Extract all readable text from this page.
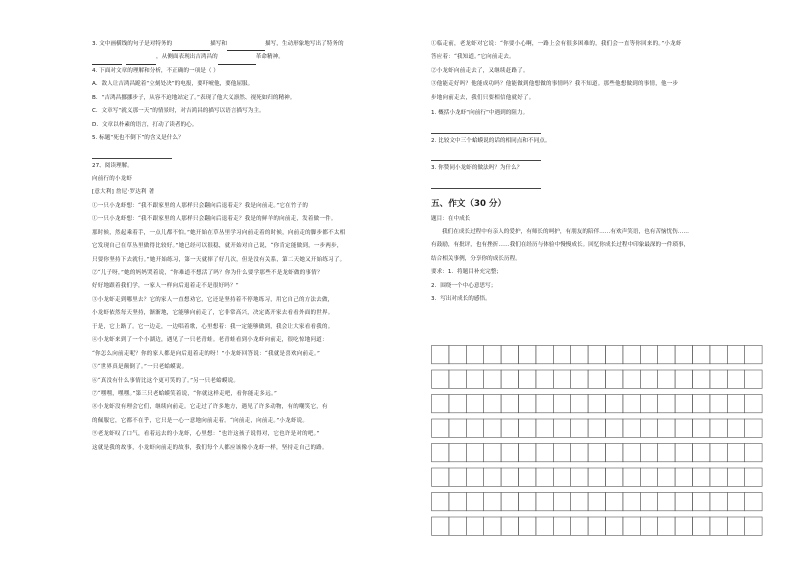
3. 文中画横线的句子是对特务的	描写和	描写，生动形象地写出了特务的
，从侧面表现出吉鸿昌的	革命精神。
4. 下面对文章的理解和分析，不正确的一项是（ ）
A．敌人让吉鸿昌跪着“立刻处决”的电报，要吓唬他，要他屈服。
B．“吉鸿昌挪挪步子，从容不迫地站定了。”表现了他大义凛然、视死如归的精神。
C．文章写“就义那一天”的情景时，对吉鸿昌的描写以语言描写为主。
D．文章以朴素的语言，打动了读者的心。
5. 标题“死也不倒下”的含义是什么？
27、阅读理解。
向前行的小龙虾
[意大利] 詹尼·罗达利 著
①一只小龙虾想：“我不跟家里的人那样只会翻向后退着走？我是向前走。”它在竹子的
①一只小龙虾想：“我不跟家里的人那样只会翻向后退着走？我是的鲜羊的向前走，发着做一件。
那时候，然起乘着手，一点儿都不怕。”她开始在草丛里学习向前走着的时候，向前走的脚步都不太相
它发现自己在草丛里做得比较好。”她已经可以很稳，就开始对自己说，“你肯定能做到，一步两步，
只要你坚持下去就行。”她开始练习，第一天就摔了好几次，但是没有关系，第二天她又开始练习了。
②“儿子呀，”她的妈妈哭着说，“你难道不想活了吗？你为什么要学那些不是龙虾做的事情？
好好地跟着我们学，一家人一样向后退着走不是很好吗？”
③小龙虾走到哪里去？它的家人一直想劝它，它还是坚持着不停地练习，用它自己的方法去做，
小龙虾依然每天坚持，渐渐地，它能够向前走了，它非常高兴，决定离开家去看看外面的世界。
于是，它上路了。它一边走，一边唱着歌，心里想着：我一定能够做到，我会让大家看看我的。
④小龙虾来到了一个小湖边，遇见了一只老青蛙。老青蛙看到小龙虾向前走，很吃惊地问道：
“你怎么向前走呢？你的家人都是向后退着走的呀！”小龙虾回答说：“我就是喜欢向前走。”
⑤“世界真是颠倒了。”一只老蛤蟆说。
⑥“真没有什么事情比这个更可笑的了。”另一只老蛤蟆说。
⑦“嘿嘿，嘿嘿。”第三只老蛤蟆笑着说，“你就这样走吧，看你能走多远。”
⑧小龙虾没有理会它们，继续向前走。它走过了许多地方，遇见了许多动物，有的嘲笑它，有
的佩服它，它都不在乎，它只是一心一意地向前走着。“向前走，向前走。”小龙虾说。
⑨老龙虾叹了口气，看着远去的小龙虾，心里想：“也许这孩子说得对，它也许是对的吧。”
这就是我的故事，小龙虾向前走的故事，我们每个人都应该像小龙虾一样，坚持走自己的路。
①临走前，老龙虾对它说：“你要小心啊，一路上会有很多困难的，我们会一直等你回来的。”小龙虾
答应着：“我知道。”它向前走去。
②小龙虾向前走去了，又继续赶路了。
③他能走好吗？他能成功吗？他能做到他想做的事情吗？我不知道。那些他想做到的事情，他一步
步地向前走去，我们只要相信他就好了。
1. 概括小龙虾“向前行”中遇到的阻力。
2. 比较文中三个蛤蟆说的话的相同点和不同点。
3. 你赞同小龙虾的做法吗？为什么？
五、作文（30 分）
题目：在中成长
我们在成长过程中有亲人的爱护，有师长的呵护，有朋友的陪伴……有欢声笑语，也有苦恼忧伤……
有鼓励，有批评，也有挫折……我们在经历与体验中慢慢成长。回忆你成长过程中印象最深的一件琐事，
结合相关事例，分享你的成长历程。
要求：1．将题目补充完整；
2．围绕一个中心意思写；
3．写出对成长的感悟。
